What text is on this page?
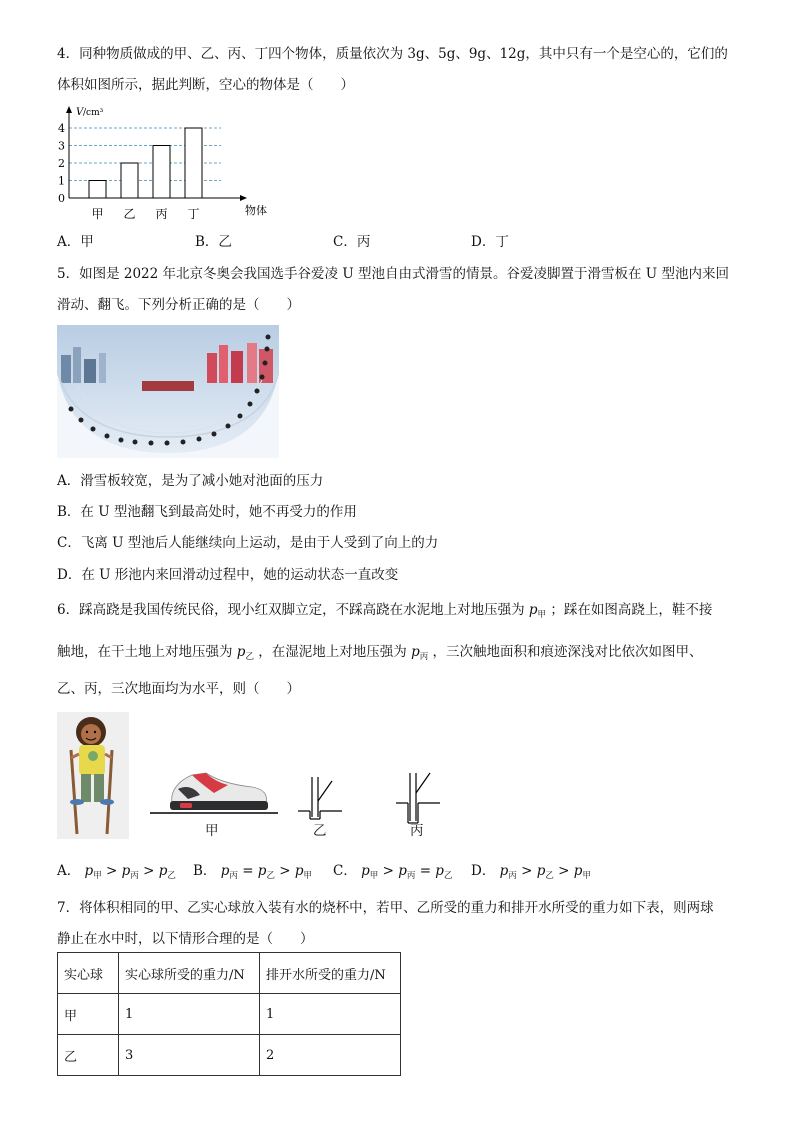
4．同种物质做成的甲、乙、丙、丁四个物体，质量依次为 3g、5g、9g、12g，其中只有一个是空心的，它们的
体积如图所示，据此判断，空心的物体是（　　）
V /cm³
物体
0
1
2
3
4
甲 乙 丙 丁
A．甲	B．乙	C．丙	D．丁
5．如图是 2022 年北京冬奥会我国选手谷爱凌 U 型池自由式滑雪的情景。谷爱凌脚置于滑雪板在 U 型池内来回
滑动、翻飞。下列分析正确的是（　　）
A．滑雪板较宽，是为了减小她对池面的压力
B．在 U 型池翻飞到最高处时，她不再受力的作用
C．飞离 U 型池后人能继续向上运动，是由于人受到了向上的力
D．在 U 形池内来回滑动过程中，她的运动状态一直改变
6．踩高跷是我国传统民俗，现小红双脚立定，不踩高跷在水泥地上对地压强为 $p_甲$ ；踩在如图高跷上，鞋不接
触地，在干土地上对地压强为 $p_乙$ ，在湿泥地上对地压强为 $p_丙$ ，三次触地面积和痕迹深浅对比依次如图甲、
乙、丙，三次地面均为水平，则（　　）
甲	乙	丙
A． $p_甲 > p_丙 > p_乙$ B． $p_丙 = p_乙 > p_甲$ C． $p_甲 > p_丙 = p_乙$ D． $p_丙 > p_乙 > p_甲$
7．将体积相同的甲、乙实心球放入装有水的烧杯中，若甲、乙所受的重力和排开水所受的重力如下表，则两球
静止在水中时，以下情形合理的是（　　）
实心球	实心球所受的重力/N	排开水所受的重力/N
甲	1	1
乙	3	2
